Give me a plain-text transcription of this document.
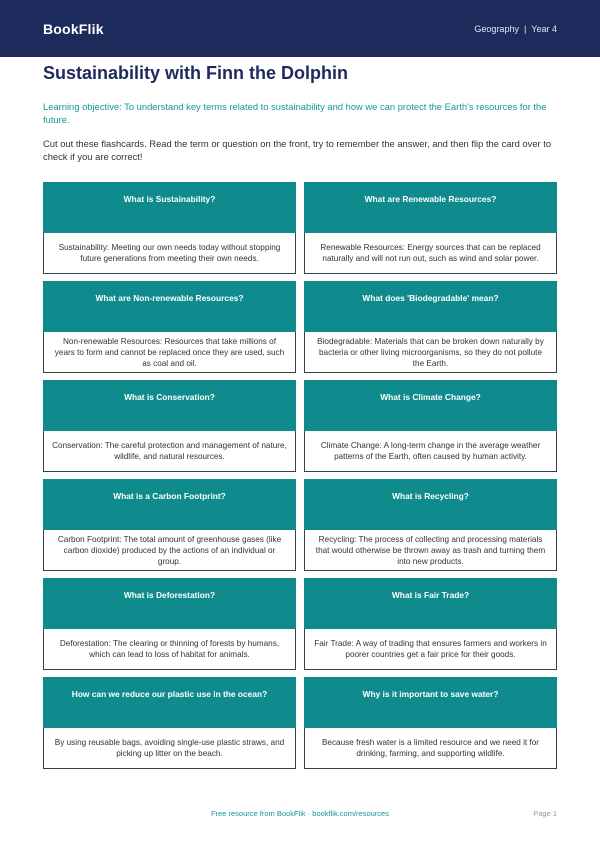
BookFlik	Geography | Year 4
Sustainability with Finn the Dolphin
Learning objective: To understand key terms related to sustainability and how we can protect the Earth's resources for the future.
Cut out these flashcards. Read the term or question on the front, try to remember the answer, and then flip the card over to check if you are correct!
What is Sustainability?
Sustainability: Meeting our own needs today without stopping future generations from meeting their own needs.
What are Renewable Resources?
Renewable Resources: Energy sources that can be replaced naturally and will not run out, such as wind and solar power.
What are Non-renewable Resources?
Non-renewable Resources: Resources that take millions of years to form and cannot be replaced once they are used, such as coal and oil.
What does 'Biodegradable' mean?
Biodegradable: Materials that can be broken down naturally by bacteria or other living microorganisms, so they do not pollute the Earth.
What is Conservation?
Conservation: The careful protection and management of nature, wildlife, and natural resources.
What is Climate Change?
Climate Change: A long-term change in the average weather patterns of the Earth, often caused by human activity.
What is a Carbon Footprint?
Carbon Footprint: The total amount of greenhouse gases (like carbon dioxide) produced by the actions of an individual or group.
What is Recycling?
Recycling: The process of collecting and processing materials that would otherwise be thrown away as trash and turning them into new products.
What is Deforestation?
Deforestation: The clearing or thinning of forests by humans, which can lead to loss of habitat for animals.
What is Fair Trade?
Fair Trade: A way of trading that ensures farmers and workers in poorer countries get a fair price for their goods.
How can we reduce our plastic use in the ocean?
By using reusable bags, avoiding single-use plastic straws, and picking up litter on the beach.
Why is it important to save water?
Because fresh water is a limited resource and we need it for drinking, farming, and supporting wildlife.
Free resource from BookFlik · bookflik.com/resources	Page 1
